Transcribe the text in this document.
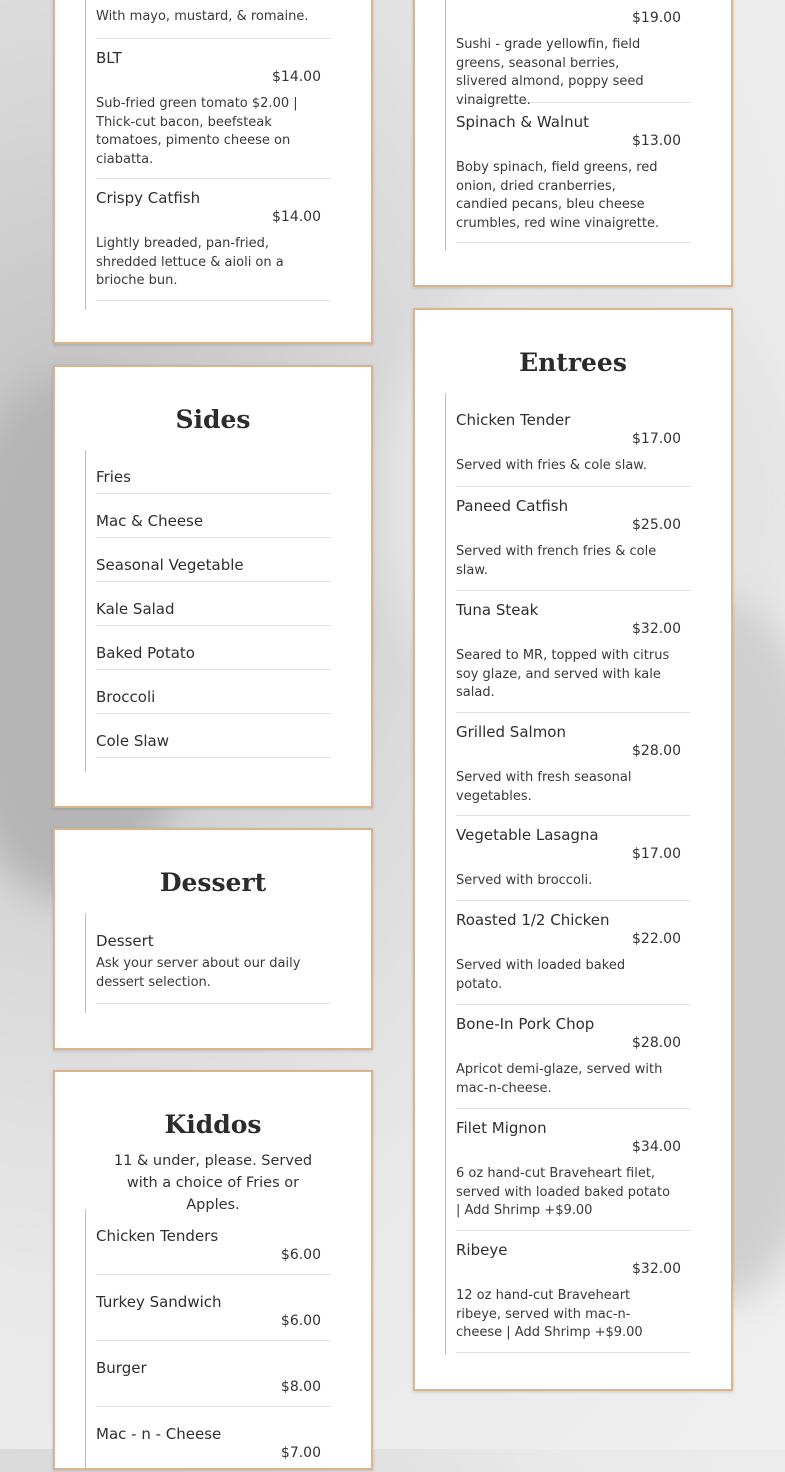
With mayo, mustard, & romaine.
BLT
$14.00
Sub-fried green tomato $2.00 | Thick-cut bacon, beefsteak tomatoes, pimento cheese on ciabatta.
Crispy Catfish
$14.00
Lightly breaded, pan-fried, shredded lettuce & aioli on a brioche bun.
$19.00
Sushi - grade yellowfin, field greens, seasonal berries, slivered almond, poppy seed vinaigrette.
Spinach & Walnut
$13.00
Boby spinach, field greens, red onion, dried cranberries, candied pecans, bleu cheese crumbles, red wine vinaigrette.
Sides
Fries
Mac & Cheese
Seasonal Vegetable
Kale Salad
Baked Potato
Broccoli
Cole Slaw
Dessert
Dessert
Ask your server about our daily dessert selection.
Kiddos
11 & under, please. Served with a choice of Fries or Apples.
Chicken Tenders
$6.00
Turkey Sandwich
$6.00
Burger
$8.00
Mac - n - Cheese
$7.00
Entrees
Chicken Tender
$17.00
Served with fries & cole slaw.
Paneed Catfish
$25.00
Served with french fries & cole slaw.
Tuna Steak
$32.00
Seared to MR, topped with citrus soy glaze, and served with kale salad.
Grilled Salmon
$28.00
Served with fresh seasonal vegetables.
Vegetable Lasagna
$17.00
Served with broccoli.
Roasted 1/2 Chicken
$22.00
Served with loaded baked potato.
Bone-In Pork Chop
$28.00
Apricot demi-glaze, served with mac-n-cheese.
Filet Mignon
$34.00
6 oz hand-cut Braveheart filet, served with loaded baked potato | Add Shrimp +$9.00
Ribeye
$32.00
12 oz hand-cut Braveheart ribeye, served with mac-n-cheese | Add Shrimp +$9.00
